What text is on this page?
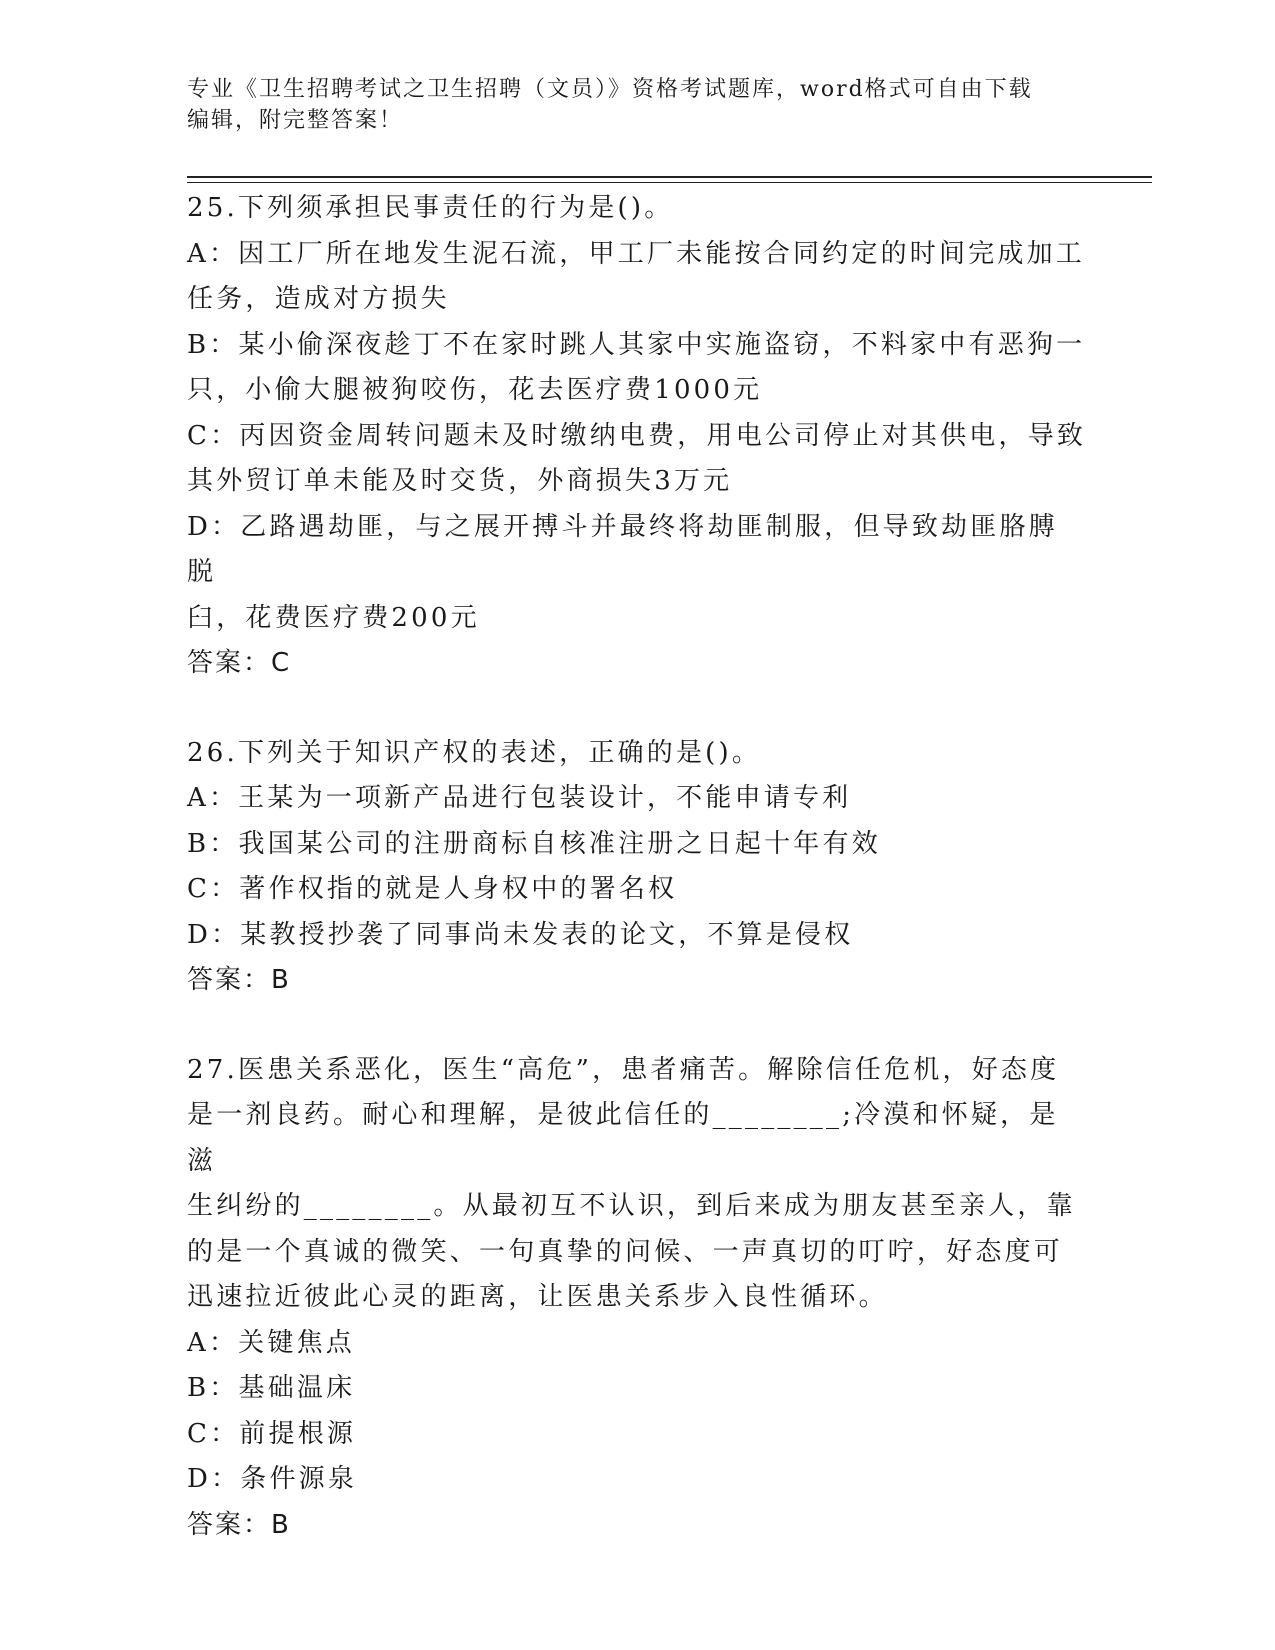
专业《卫生招聘考试之卫生招聘（文员）》资格考试题库，word格式可自由下载
编辑，附完整答案！
25.下列须承担民事责任的行为是()。
A：因工厂所在地发生泥石流，甲工厂未能按合同约定的时间完成加工
任务，造成对方损失
B：某小偷深夜趁丁不在家时跳人其家中实施盗窃，不料家中有恶狗一
只，小偷大腿被狗咬伤，花去医疗费1000元
C：丙因资金周转问题未及时缴纳电费，用电公司停止对其供电，导致
其外贸订单未能及时交货，外商损失3万元
D：乙路遇劫匪，与之展开搏斗并最终将劫匪制服，但导致劫匪胳膊脱
臼，花费医疗费200元
答案：C
26.下列关于知识产权的表述，正确的是()。
A：王某为一项新产品进行包装设计，不能申请专利
B：我国某公司的注册商标自核准注册之日起十年有效
C：著作权指的就是人身权中的署名权
D：某教授抄袭了同事尚未发表的论文，不算是侵权
答案：B
27.医患关系恶化，医生“高危”，患者痛苦。解除信任危机，好态度
是一剂良药。耐心和理解，是彼此信任的________;冷漠和怀疑，是滋
生纠纷的________。从最初互不认识，到后来成为朋友甚至亲人，靠
的是一个真诚的微笑、一句真挚的问候、一声真切的叮咛，好态度可
迅速拉近彼此心灵的距离，让医患关系步入良性循环。
A：关键焦点
B：基础温床
C：前提根源
D：条件源泉
答案：B
